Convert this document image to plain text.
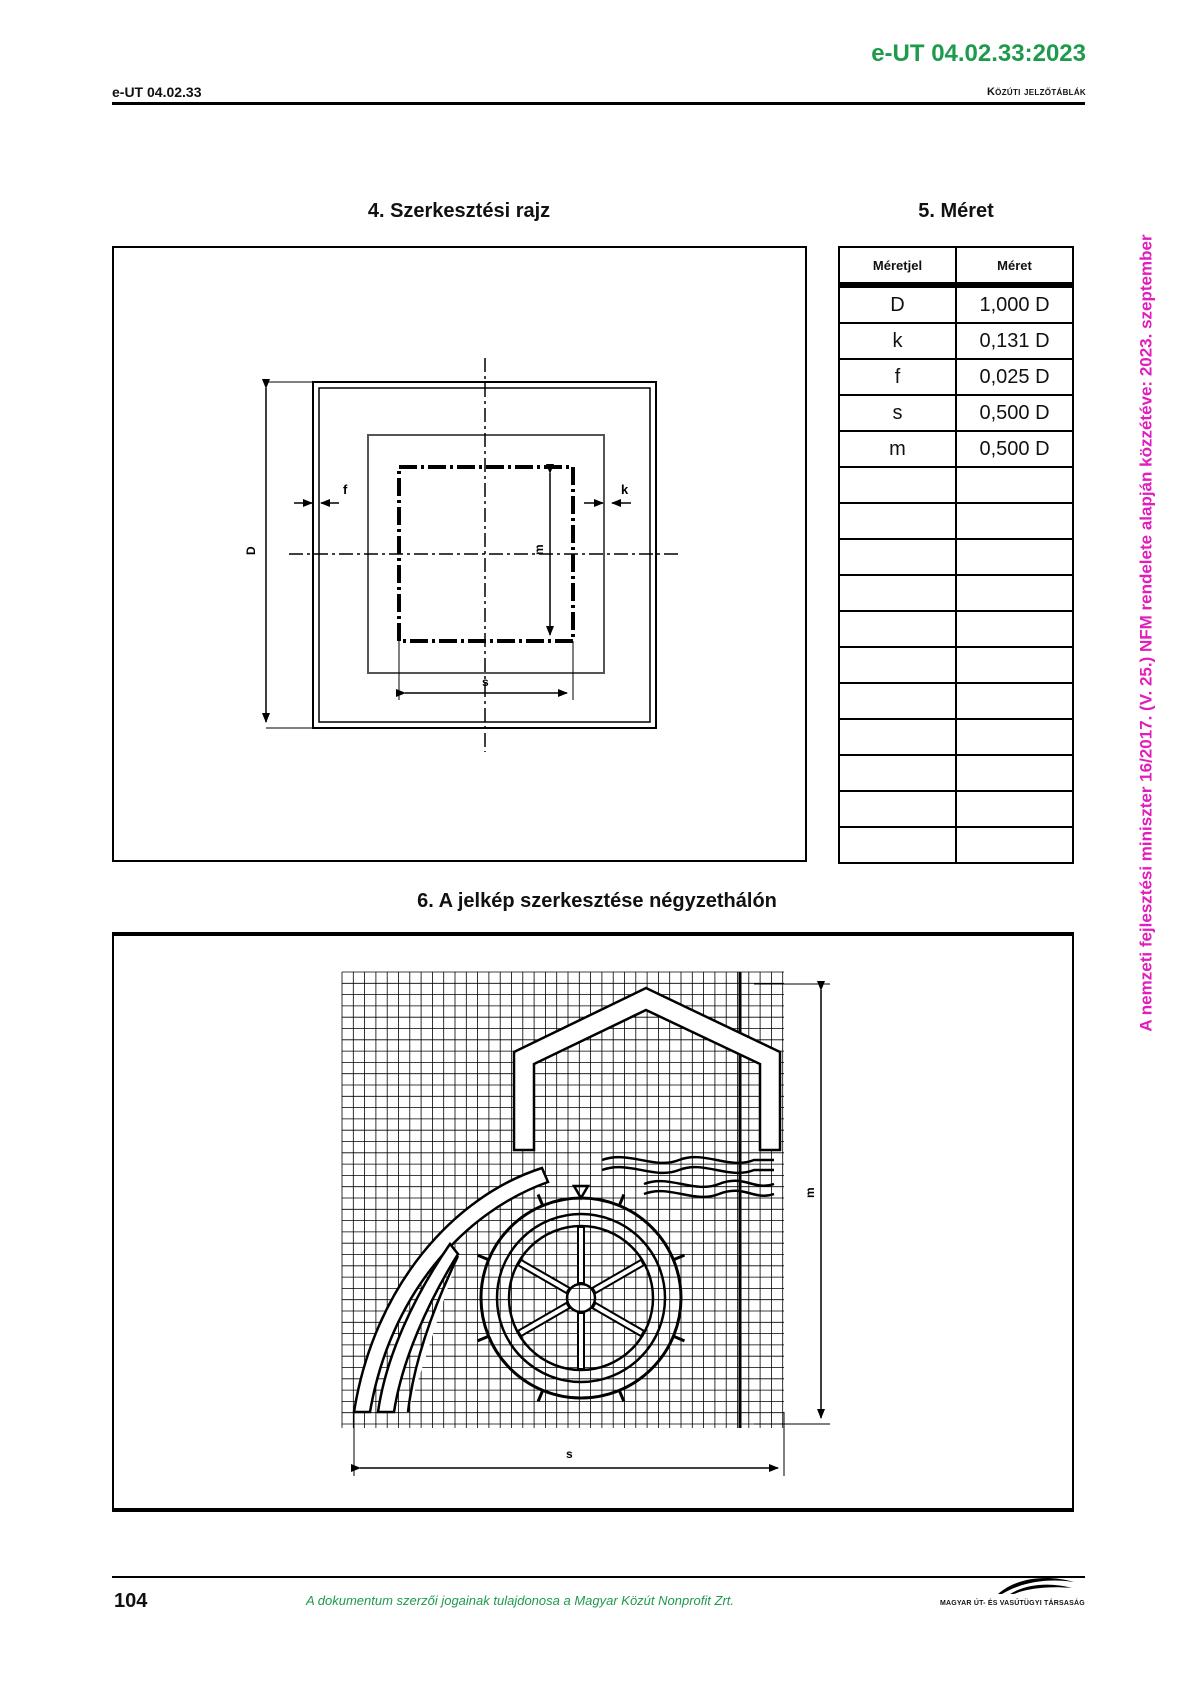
e-UT 04.02.33:2023
e-UT 04.02.33	Közúti jelzőtáblák
A nemzeti fejlesztési miniszter 16/2017. (V. 25.) NFM rendelete alapján közzétéve: 2023. szeptember
4. Szerkesztési rajz
D
f	k
m
s
5. Méret
Méretjel	Méret
D	1,000 D
k	0,131 D
f	0,025 D
s	0,500 D
m	0,500 D

6. A jelkép szerkesztése négyzethálón
m
s
104	A dokumentum szerzői jogainak tulajdonosa a Magyar Közút Nonprofit Zrt.	MAGYAR ÚT- ÉS VASÚTÜGYI TÁRSASÁG
